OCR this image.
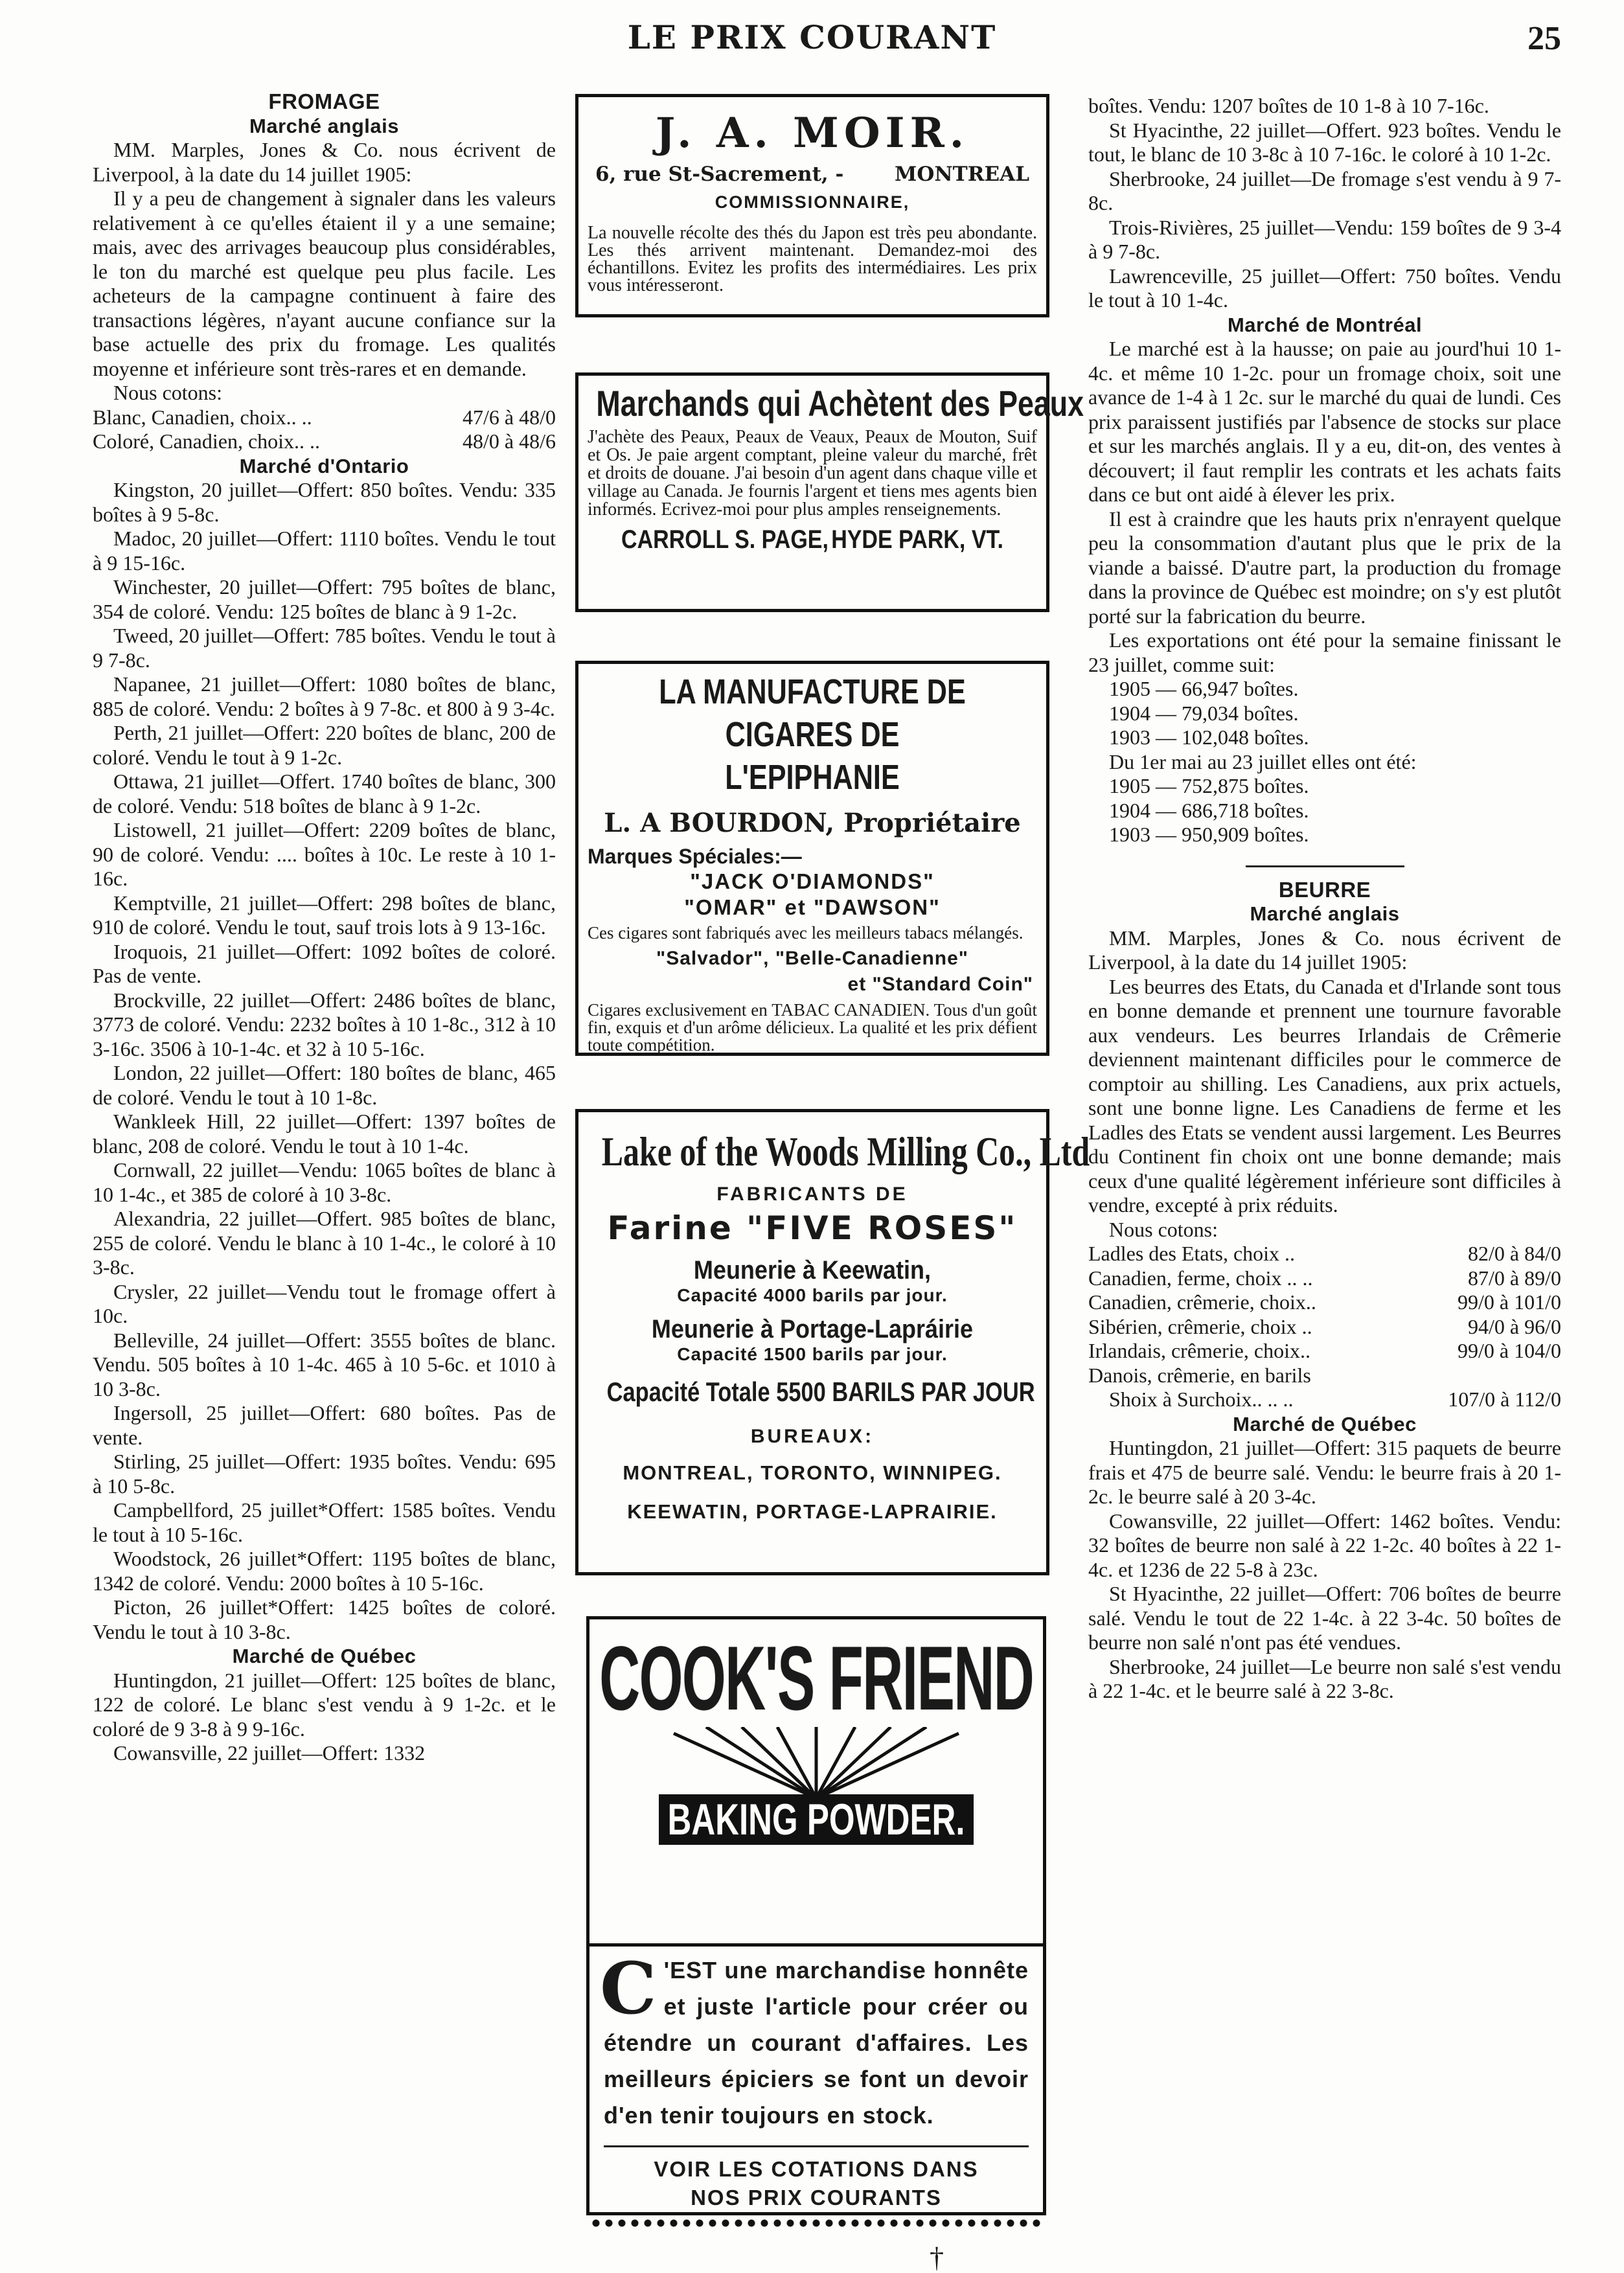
LE PRIX COURANT	25

FROMAGE

Marché anglais

MM. Marples, Jones & Co. nous écrivent de Liverpool, à la date du 14 juillet 1905:

Il y a peu de changement à signaler dans les valeurs relativement à ce qu'elles étaient il y a une semaine; mais, avec des arrivages beaucoup plus considérables, le ton du marché est quelque peu plus facile. Les acheteurs de la campagne continuent à faire des transactions légères, n'ayant aucune confiance sur la base actuelle des prix du fromage. Les qualités moyenne et inférieure sont très-rares et en demande.

Nous cotons:

Blanc, Canadien, choix.. ..	47/6 à 48/0

Coloré, Canadien, choix.. ..	48/0 à 48/6

Marché d'Ontario

Kingston, 20 juillet—Offert: 850 boîtes. Vendu: 335 boîtes à 9 5-8c.

Madoc, 20 juillet—Offert: 1110 boîtes. Vendu le tout à 9 15-16c.

Winchester, 20 juillet—Offert: 795 boîtes de blanc, 354 de coloré. Vendu: 125 boîtes de blanc à 9 1-2c.

Tweed, 20 juillet—Offert: 785 boîtes. Vendu le tout à 9 7-8c.

Napanee, 21 juillet—Offert: 1080 boîtes de blanc, 885 de coloré. Vendu: 2 boîtes à 9 7-8c. et 800 à 9 3-4c.

Perth, 21 juillet—Offert: 220 boîtes de blanc, 200 de coloré. Vendu le tout à 9 1-2c.

Ottawa, 21 juillet—Offert. 1740 boîtes de blanc, 300 de coloré. Vendu: 518 boîtes de blanc à 9 1-2c.

Listowell, 21 juillet—Offert: 2209 boîtes de blanc, 90 de coloré. Vendu: .... boîtes à 10c. Le reste à 10 1-16c.

Kemptville, 21 juillet—Offert: 298 boîtes de blanc, 910 de coloré. Vendu le tout, sauf trois lots à 9 13-16c.

Iroquois, 21 juillet—Offert: 1092 boîtes de coloré. Pas de vente.

Brockville, 22 juillet—Offert: 2486 boîtes de blanc, 3773 de coloré. Vendu: 2232 boîtes à 10 1-8c., 312 à 10 3-16c. 3506 à 10-1-4c. et 32 à 10 5-16c.

London, 22 juillet—Offert: 180 boîtes de blanc, 465 de coloré. Vendu le tout à 10 1-8c.

Wankleek Hill, 22 juillet—Offert: 1397 boîtes de blanc, 208 de coloré. Vendu le tout à 10 1-4c.

Cornwall, 22 juillet—Vendu: 1065 boîtes de blanc à 10 1-4c., et 385 de coloré à 10 3-8c.

Alexandria, 22 juillet—Offert. 985 boîtes de blanc, 255 de coloré. Vendu le blanc à 10 1-4c., le coloré à 10 3-8c.

Crysler, 22 juillet—Vendu tout le fromage offert à 10c.

Belleville, 24 juillet—Offert: 3555 boîtes de blanc. Vendu. 505 boîtes à 10 1-4c. 465 à 10 5-6c. et 1010 à 10 3-8c.

Ingersoll, 25 juillet—Offert: 680 boîtes. Pas de vente.

Stirling, 25 juillet—Offert: 1935 boîtes. Vendu: 695 à 10 5-8c.

Campbellford, 25 juillet*Offert: 1585 boîtes. Vendu le tout à 10 5-16c.

Woodstock, 26 juillet*Offert: 1195 boîtes de blanc, 1342 de coloré. Vendu: 2000 boîtes à 10 5-16c.

Picton, 26 juillet*Offert: 1425 boîtes de coloré. Vendu le tout à 10 3-8c.

Marché de Québec

Huntingdon, 21 juillet—Offert: 125 boîtes de blanc, 122 de coloré. Le blanc s'est vendu à 9 1-2c. et le coloré de 9 3-8 à 9 9-16c.

Cowansville, 22 juillet—Offert: 1332

J. A. MOIR.
6, rue St-Sacrement, -	MONTREAL
COMMISSIONNAIRE,
La nouvelle récolte des thés du Japon est très peu abondante. Les thés arrivent maintenant. Demandez-moi des échantillons. Evitez les profits des intermédiaires. Les prix vous intéresseront.
Marchands qui Achètent des Peaux
J'achète des Peaux, Peaux de Veaux, Peaux de Mouton, Suif et Os. Je paie argent comptant, pleine valeur du marché, frêt et droits de douane. J'ai besoin d'un agent dans chaque ville et village au Canada. Je fournis l'argent et tiens mes agents bien informés. Ecrivez-moi pour plus amples renseignements.
CARROLL S. PAGE, HYDE PARK, VT.
LA MANUFACTURE DE CIGARES DE
L'EPIPHANIE
L. A BOURDON, Propriétaire
Marques Spéciales:—
"JACK O'DIAMONDS"
"OMAR" et "DAWSON"
Ces cigares sont fabriqués avec les meilleurs tabacs mélangés.
"Salvador", "Belle-Canadienne"
et "Standard Coin"
Cigares exclusivement en TABAC CANADIEN. Tous d'un goût fin, exquis et d'un arôme délicieux. La qualité et les prix défient toute compétition.
Lake of the Woods Milling Co., Ltd
FABRICANTS DE
Farine "FIVE ROSES"
Meunerie à Keewatin,
Capacité 4000 barils par jour.
Meunerie à Portage-Lapráirie
Capacité 1500 barils par jour.
Capacité Totale 5500 BARILS PAR JOUR
BUREAUX:
MONTREAL, TORONTO, WINNIPEG.
KEEWATIN, PORTAGE-LAPRAIRIE.
COOK'S FRIEND
BAKING POWDER.
C 'EST une marchandise honnête et juste l'article pour créer ou étendre un courant d'affaires. Les meilleurs épiciers se font un devoir d'en tenir toujours en stock.
VOIR LES COTATIONS DANS
NOS PRIX COURANTS

boîtes. Vendu: 1207 boîtes de 10 1-8 à 10 7-16c.

St Hyacinthe, 22 juillet—Offert. 923 boîtes. Vendu le tout, le blanc de 10 3-8c à 10 7-16c. le coloré à 10 1-2c.

Sherbrooke, 24 juillet—De fromage s'est vendu à 9 7-8c.

Trois-Rivières, 25 juillet—Vendu: 159 boîtes de 9 3-4 à 9 7-8c.

Lawrenceville, 25 juillet—Offert: 750 boîtes. Vendu le tout à 10 1-4c.

Marché de Montréal

Le marché est à la hausse; on paie au jourd'hui 10 1-4c. et même 10 1-2c. pour un fromage choix, soit une avance de 1-4 à 1 2c. sur le marché du quai de lundi. Ces prix paraissent justifiés par l'absence de stocks sur place et sur les marchés anglais. Il y a eu, dit-on, des ventes à découvert; il faut remplir les contrats et les achats faits dans ce but ont aidé à élever les prix.

Il est à craindre que les hauts prix n'enrayent quelque peu la consommation d'autant plus que le prix de la viande a baissé. D'autre part, la production du fromage dans la province de Québec est moindre; on s'y est plutôt porté sur la fabrication du beurre.

Les exportations ont été pour la semaine finissant le 23 juillet, comme suit:

1905 — 66,947 boîtes.

1904 — 79,034 boîtes.

1903 — 102,048 boîtes.

Du 1er mai au 23 juillet elles ont été:

1905 — 752,875 boîtes.

1904 — 686,718 boîtes.

1903 — 950,909 boîtes.

BEURRE

Marché anglais

MM. Marples, Jones & Co. nous écrivent de Liverpool, à la date du 14 juillet 1905:

Les beurres des Etats, du Canada et d'Irlande sont tous en bonne demande et prennent une tournure favorable aux vendeurs. Les beurres Irlandais de Crêmerie deviennent maintenant difficiles pour le commerce de comptoir au shilling. Les Canadiens, aux prix actuels, sont une bonne ligne. Les Canadiens de ferme et les Ladles des Etats se vendent aussi largement. Les Beurres du Continent fin choix ont une bonne demande; mais ceux d'une qualité légèrement inférieure sont difficiles à vendre, excepté à prix réduits.

Nous cotons:

Ladles des Etats, choix ..	82/0 à 84/0

Canadien, ferme, choix .. ..	87/0 à 89/0

Canadien, crêmerie, choix..	99/0 à 101/0

Sibérien, crêmerie, choix ..	94/0 à 96/0

Irlandais, crêmerie, choix..	99/0 à 104/0

Danois, crêmerie, en barils

Shoix à Surchoix.. .. ..	107/0 à 112/0

Marché de Québec

Huntingdon, 21 juillet—Offert: 315 paquets de beurre frais et 475 de beurre salé. Vendu: le beurre frais à 20 1-2c. le beurre salé à 20 3-4c.

Cowansville, 22 juillet—Offert: 1462 boîtes. Vendu: 32 boîtes de beurre non salé à 22 1-2c. 40 boîtes à 22 1-4c. et 1236 de 22 5-8 à 23c.

St Hyacinthe, 22 juillet—Offert: 706 boîtes de beurre salé. Vendu le tout de 22 1-4c. à 22 3-4c. 50 boîtes de beurre non salé n'ont pas été vendues.

Sherbrooke, 24 juillet—Le beurre non salé s'est vendu à 22 1-4c. et le beurre salé à 22 3-8c.

†
